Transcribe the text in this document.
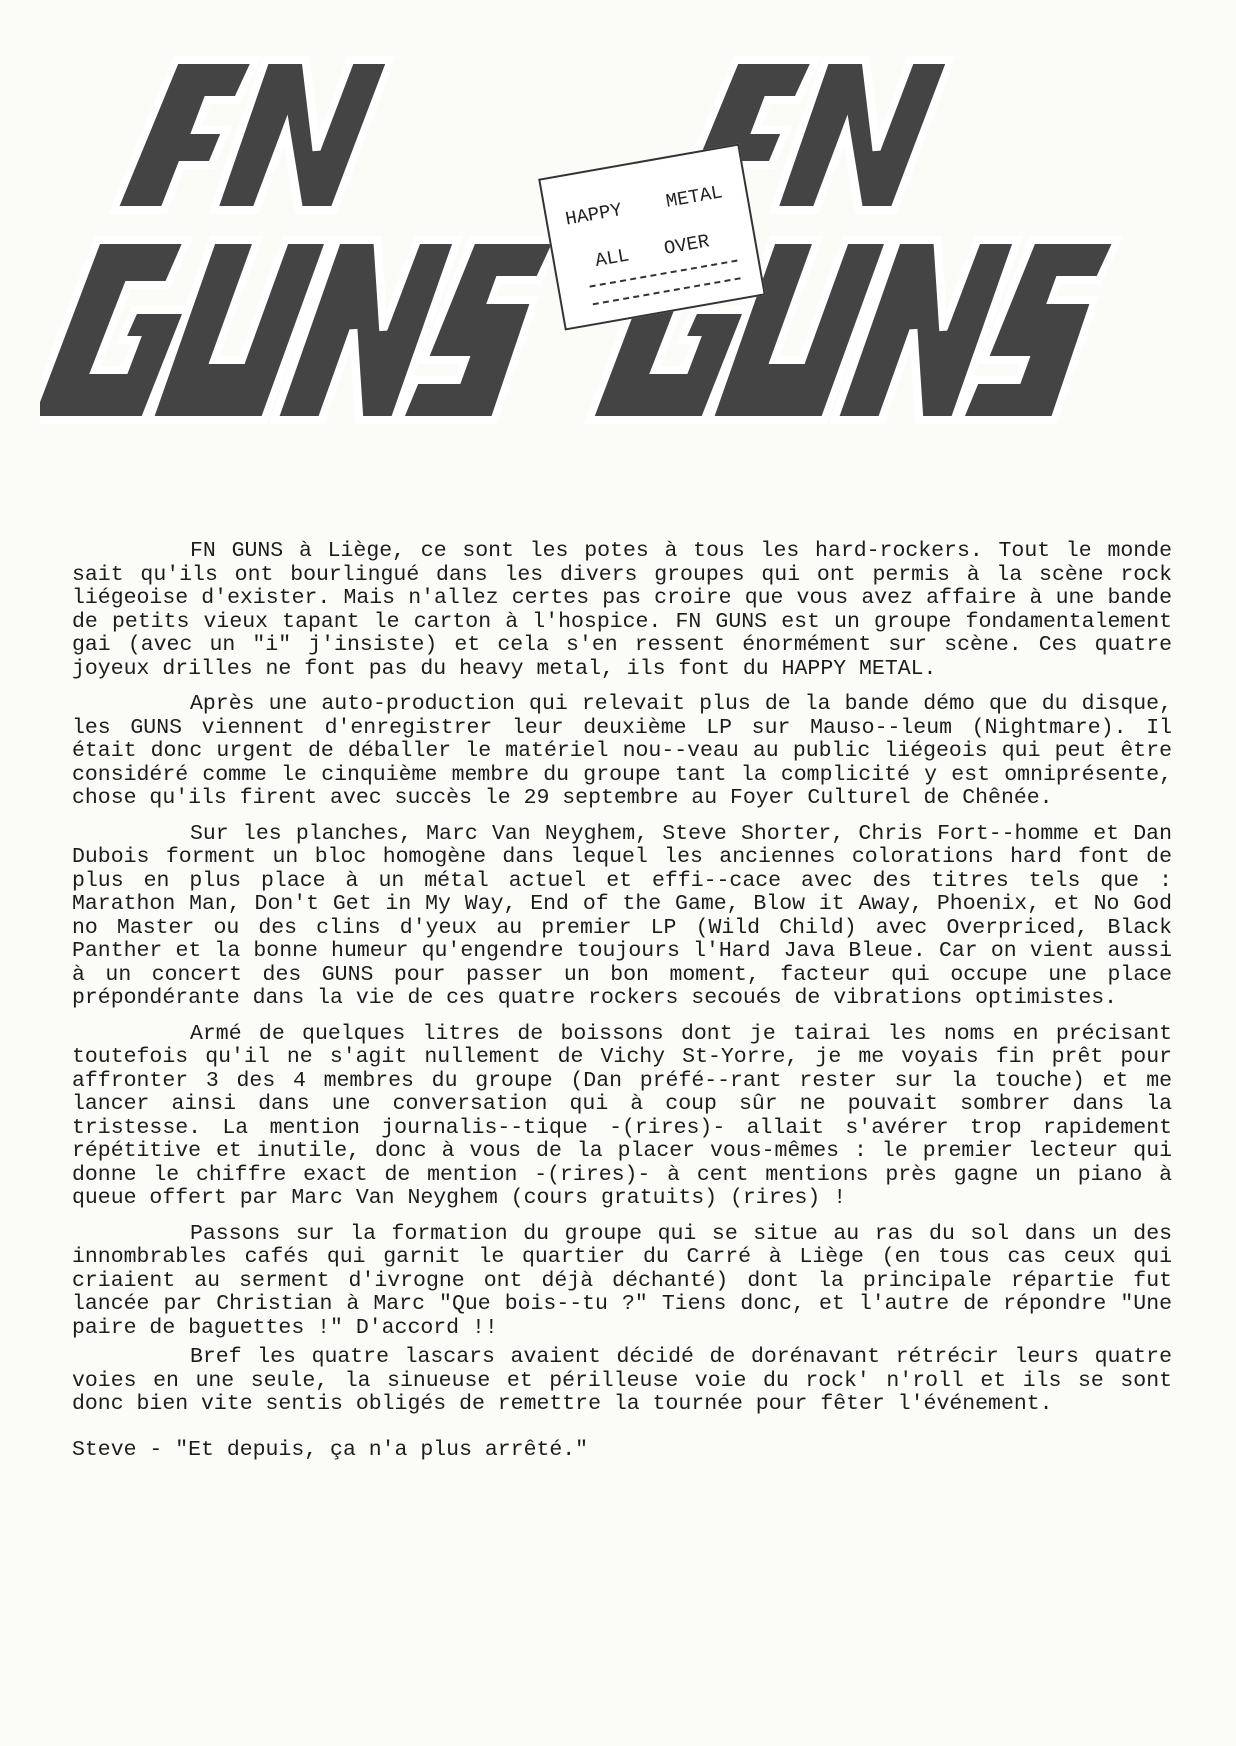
HAPPY
METAL
ALL OVER

FN GUNS à Liège, ce sont les potes à tous les hard-rockers. Tout le monde sait qu'ils ont bourlingué dans les divers groupes qui ont permis à la scène rock liégeoise d'exister. Mais n'allez certes pas croire que vous avez affaire à une bande de petits vieux tapant le carton à l'hospice. FN GUNS est un groupe fondamentalement gai (avec un "i" j'insiste) et cela s'en ressent énormément sur scène. Ces quatre joyeux drilles ne font pas du heavy metal, ils font du HAPPY METAL.

Après une auto-production qui relevait plus de la bande démo que du disque, les GUNS viennent d'enregistrer leur deuxième LP sur Mauso--leum (Nightmare). Il était donc urgent de déballer le matériel nou--veau au public liégeois qui peut être considéré comme le cinquième membre du groupe tant la complicité y est omniprésente, chose qu'ils firent avec succès le 29 septembre au Foyer Culturel de Chênée.

Sur les planches, Marc Van Neyghem, Steve Shorter, Chris Fort--homme et Dan Dubois forment un bloc homogène dans lequel les anciennes colorations hard font de plus en plus place à un métal actuel et effi--cace avec des titres tels que : Marathon Man, Don't Get in My Way, End of the Game, Blow it Away, Phoenix, et No God no Master ou des clins d'yeux au premier LP (Wild Child) avec Overpriced, Black Panther et la bonne humeur qu'engendre toujours l'Hard Java Bleue. Car on vient aussi à un concert des GUNS pour passer un bon moment, facteur qui occupe une place prépondérante dans la vie de ces quatre rockers secoués de vibrations optimistes.

Armé de quelques litres de boissons dont je tairai les noms en précisant toutefois qu'il ne s'agit nullement de Vichy St-Yorre, je me voyais fin prêt pour affronter 3 des 4 membres du groupe (Dan préfé--rant rester sur la touche) et me lancer ainsi dans une conversation qui à coup sûr ne pouvait sombrer dans la tristesse. La mention journalis--tique -(rires)- allait s'avérer trop rapidement répétitive et inutile, donc à vous de la placer vous-mêmes : le premier lecteur qui donne le chiffre exact de mention -(rires)- à cent mentions près gagne un piano à queue offert par Marc Van Neyghem (cours gratuits) (rires) !

Passons sur la formation du groupe qui se situe au ras du sol dans un des innombrables cafés qui garnit le quartier du Carré à Liège (en tous cas ceux qui criaient au serment d'ivrogne ont déjà déchanté) dont la principale répartie fut lancée par Christian à Marc "Que bois--tu ?" Tiens donc, et l'autre de répondre "Une paire de baguettes !" D'accord !!

Bref les quatre lascars avaient décidé de dorénavant rétrécir leurs quatre voies en une seule, la sinueuse et périlleuse voie du rock' n'roll et ils se sont donc bien vite sentis obligés de remettre la tournée pour fêter l'événement.

Steve - "Et depuis, ça n'a plus arrêté."
